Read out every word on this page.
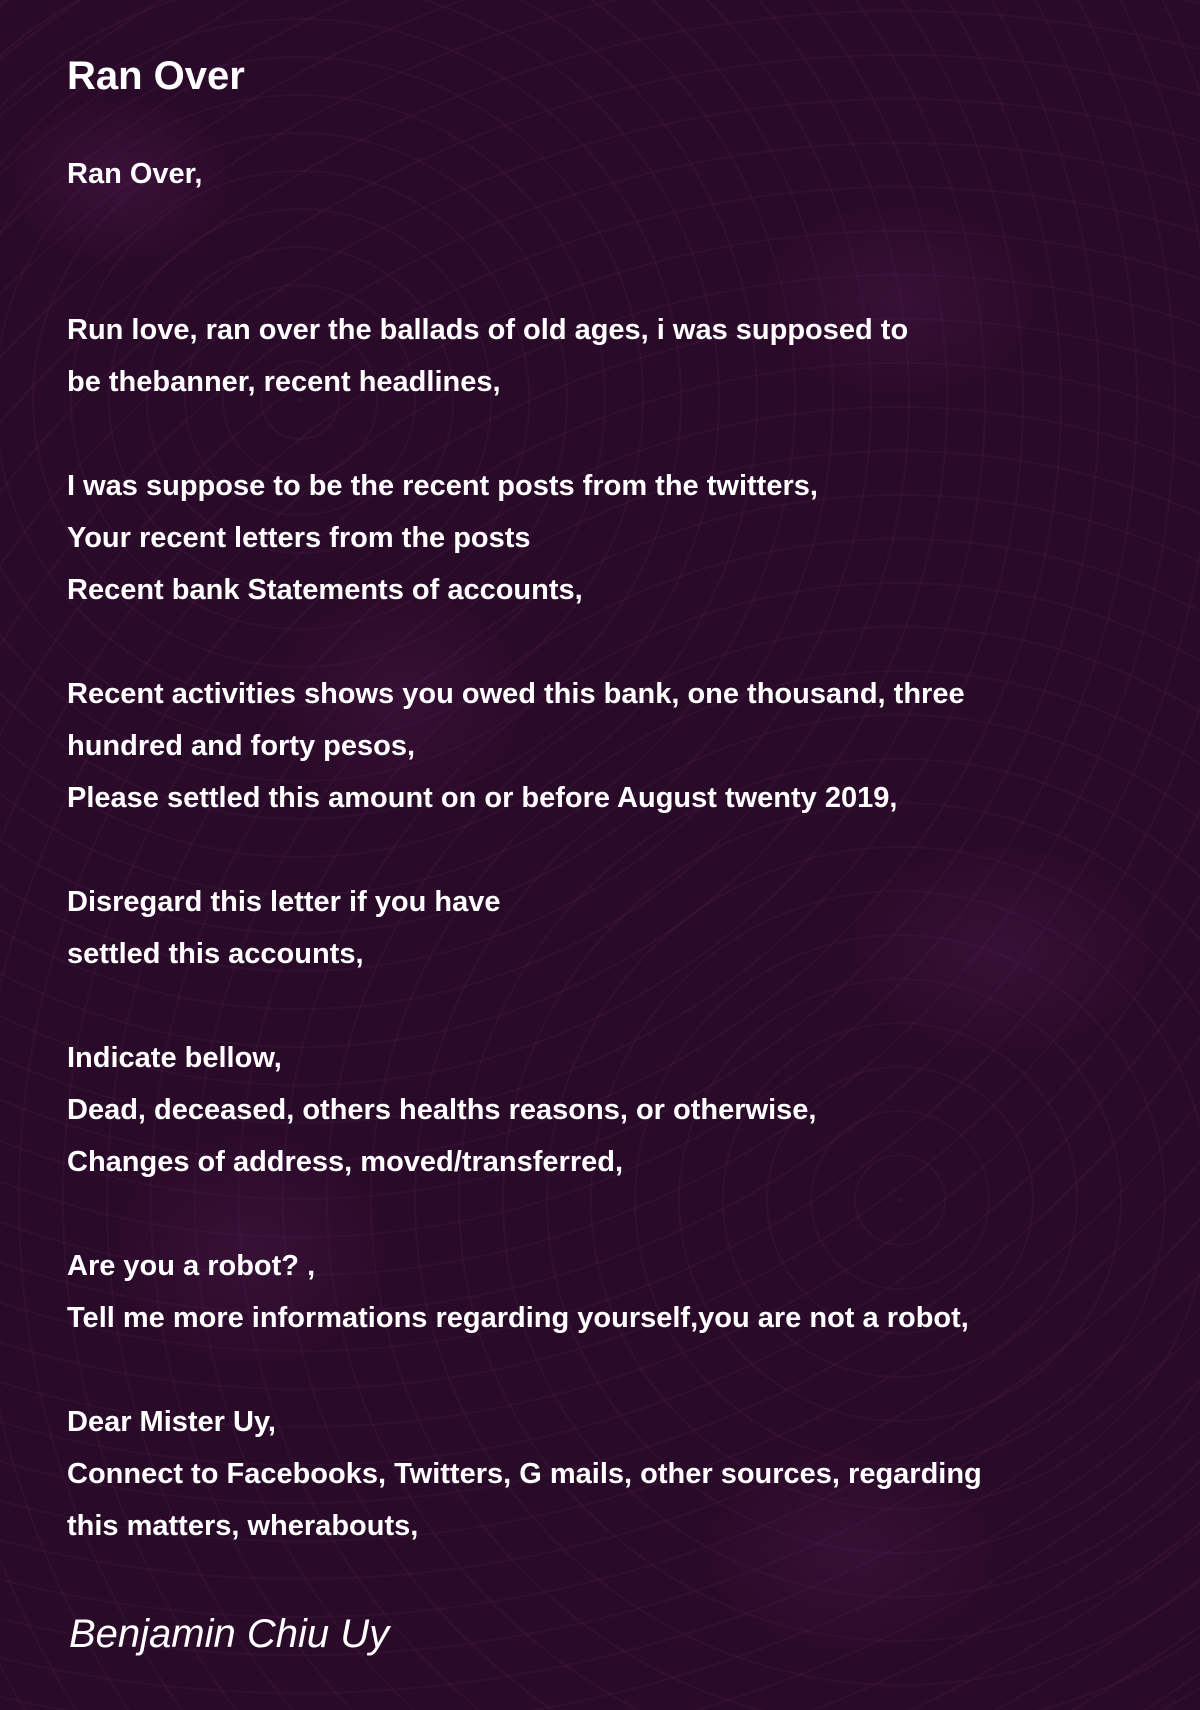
Ran Over
Ran Over,
Run love, ran over the ballads of old ages, i was supposed to
be thebanner, recent headlines,
I was suppose to be the recent posts from the twitters,
Your recent letters from the posts
Recent bank Statements of accounts,
Recent activities shows you owed this bank, one thousand, three
hundred and forty pesos,
Please settled this amount on or before August twenty 2019,
Disregard this letter if you have
settled this accounts,
Indicate bellow,
Dead, deceased, others healths reasons, or otherwise,
Changes of address, moved/transferred,
Are you a robot? ,
Tell me more informations regarding yourself,you are not a robot,
Dear Mister Uy,
Connect to Facebooks, Twitters, G mails, other sources, regarding
this matters, wherabouts,

Benjamin Chiu Uy
